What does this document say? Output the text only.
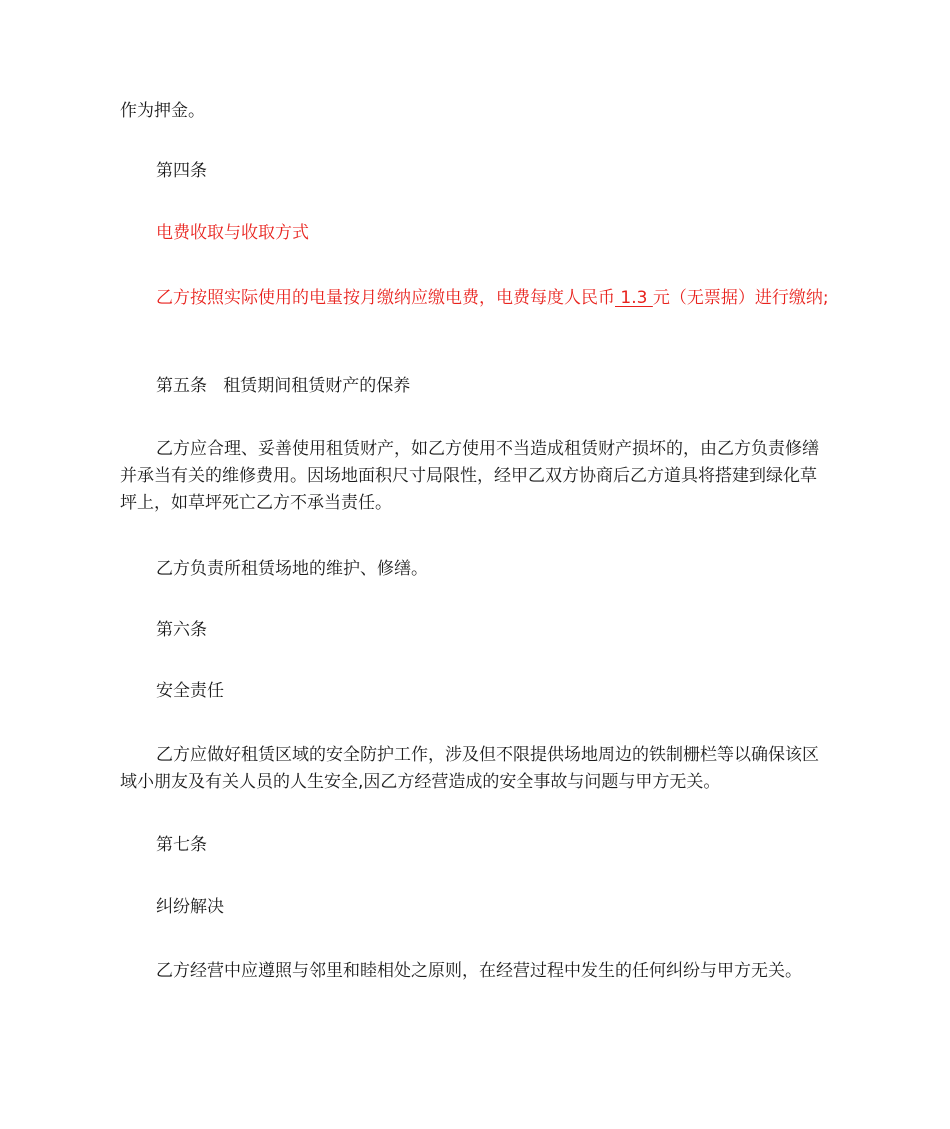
作为押金。

第四条

电费收取与收取方式

乙方按照实际使用的电量按月缴纳应缴电费，电费每度人民币 1.3 元（无票据）进行缴纳;

第五条 租赁期间租赁财产的保养

乙方应合理、妥善使用租赁财产，如乙方使用不当造成租赁财产损坏的，由乙方负责修缮并承当有关的维修费用。因场地面积尺寸局限性，经甲乙双方协商后乙方道具将搭建到绿化草坪上，如草坪死亡乙方不承当责任。

乙方负责所租赁场地的维护、修缮。

第六条

安全责任

乙方应做好租赁区域的安全防护工作，涉及但不限提供场地周边的铁制栅栏等以确保该区域小朋友及有关人员的人生安全,因乙方经营造成的安全事故与问题与甲方无关。

第七条

纠纷解决

乙方经营中应遵照与邻里和睦相处之原则，在经营过程中发生的任何纠纷与甲方无关。
